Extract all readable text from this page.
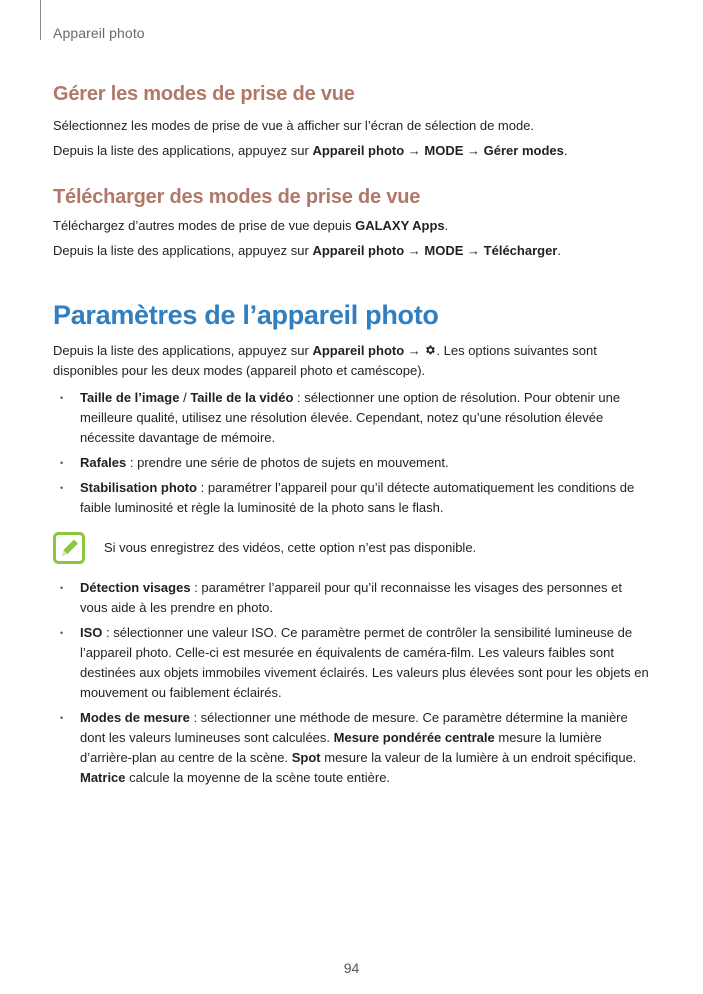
Appareil photo
Gérer les modes de prise de vue

Sélectionnez les modes de prise de vue à afficher sur l’écran de sélection de mode.

Depuis la liste des applications, appuyez sur Appareil photo → MODE → Gérer modes.

Télécharger des modes de prise de vue

Téléchargez d’autres modes de prise de vue depuis GALAXY Apps.

Depuis la liste des applications, appuyez sur Appareil photo → MODE → Télécharger.

Paramètres de l’appareil photo

Depuis la liste des applications, appuyez sur Appareil photo → . Les options suivantes sont disponibles pour les deux modes (appareil photo et caméscope).

• Taille de l’image / Taille de la vidéo : sélectionner une option de résolution. Pour obtenir une meilleure qualité, utilisez une résolution élevée. Cependant, notez qu’une résolution élevée nécessite davantage de mémoire.
• Rafales : prendre une série de photos de sujets en mouvement.
• Stabilisation photo : paramétrer l’appareil pour qu’il détecte automatiquement les conditions de faible luminosité et règle la luminosité de la photo sans le flash.
Si vous enregistrez des vidéos, cette option n’est pas disponible.
• Détection visages : paramétrer l’appareil pour qu’il reconnaisse les visages des personnes et vous aide à les prendre en photo.
• ISO : sélectionner une valeur ISO. Ce paramètre permet de contrôler la sensibilité lumineuse de l’appareil photo. Celle-ci est mesurée en équivalents de caméra-film. Les valeurs faibles sont destinées aux objets immobiles vivement éclairés. Les valeurs plus élevées sont pour les objets en mouvement ou faiblement éclairés.
• Modes de mesure : sélectionner une méthode de mesure. Ce paramètre détermine la manière dont les valeurs lumineuses sont calculées. Mesure pondérée centrale mesure la lumière d’arrière-plan au centre de la scène. Spot mesure la valeur de la lumière à un endroit spécifique. Matrice calcule la moyenne de la scène toute entière.
94
